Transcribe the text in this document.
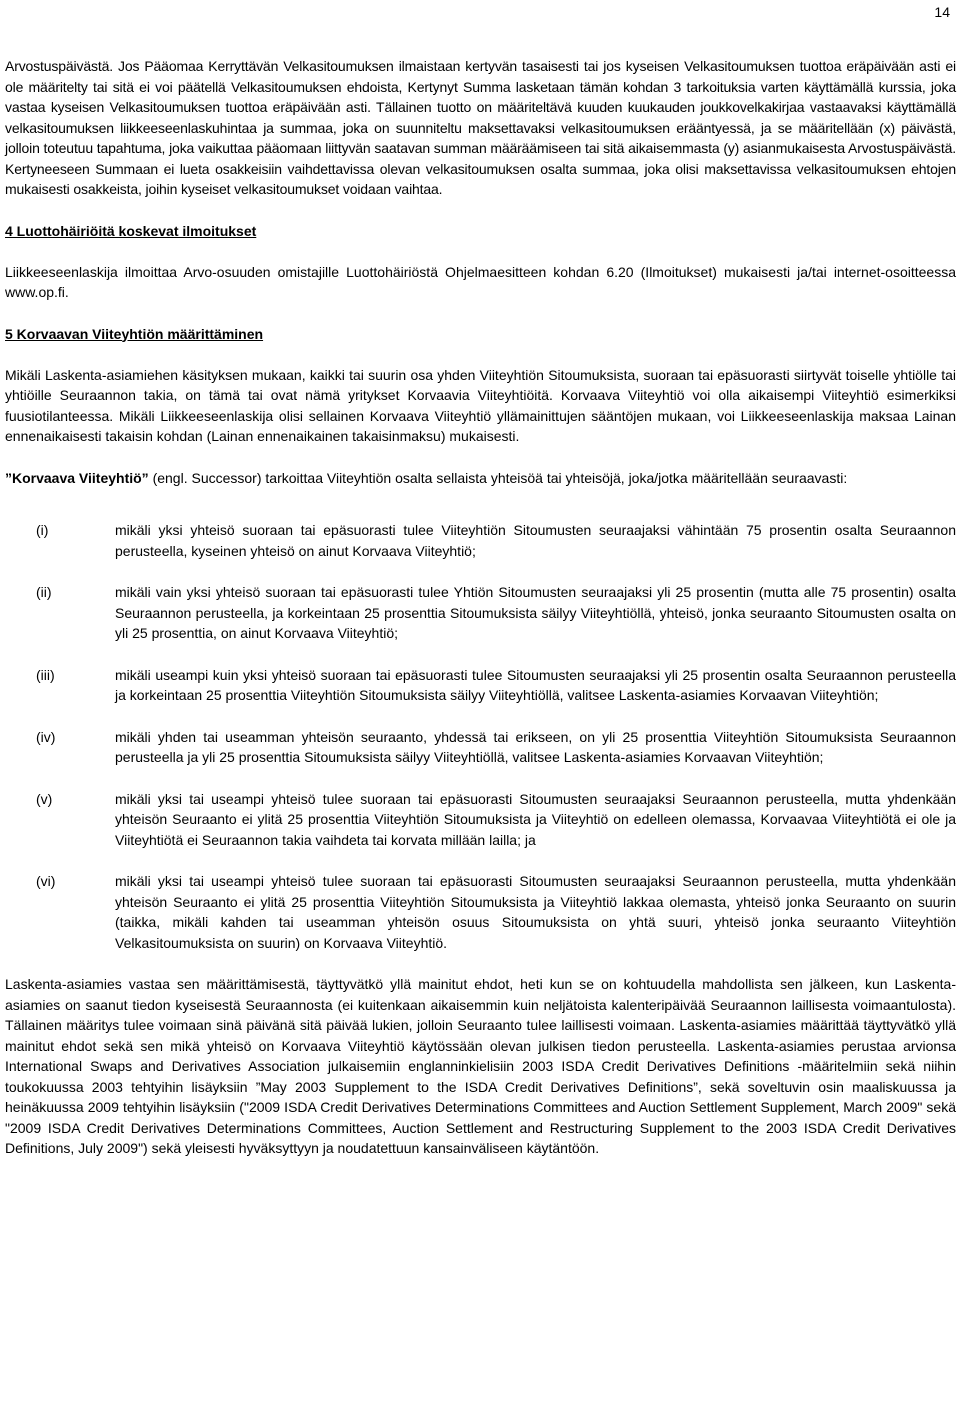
14

Arvostuspäivästä. Jos Pääomaa Kerryttävän Velkasitoumuksen ilmaistaan kertyvän tasaisesti tai jos kyseisen Velkasitoumuksen tuottoa eräpäivään asti ei ole määritelty tai sitä ei voi päätellä Velkasitoumuksen ehdoista, Kertynyt Summa lasketaan tämän kohdan 3 tarkoituksia varten käyttämällä kurssia, joka vastaa kyseisen Velkasitoumuksen tuottoa eräpäivään asti. Tällainen tuotto on määriteltävä kuuden kuukauden joukkovelkakirjaa vastaavaksi käyttämällä velkasitoumuksen liikkeeseenlaskuhintaa ja summaa, joka on suunniteltu maksettavaksi velkasitoumuksen erääntyessä, ja se määritellään (x) päivästä, jolloin toteutuu tapahtuma, joka vaikuttaa pääomaan liittyvän saatavan summan määräämiseen tai sitä aikaisemmasta (y) asianmukaisesta Arvostuspäivästä. Kertyneeseen Summaan ei lueta osakkeisiin vaihdettavissa olevan velkasitoumuksen osalta summaa, joka olisi maksettavissa velkasitoumuksen ehtojen mukaisesti osakkeista, joihin kyseiset velkasitoumukset voidaan vaihtaa.

4 Luottohäiriöitä koskevat ilmoitukset

Liikkeeseenlaskija ilmoittaa Arvo-osuuden omistajille Luottohäiriöstä Ohjelmaesitteen kohdan 6.20 (Ilmoitukset) mukaisesti ja/tai internet-osoitteessa www.op.fi.

5 Korvaavan Viiteyhtiön määrittäminen

Mikäli Laskenta-asiamiehen käsityksen mukaan, kaikki tai suurin osa yhden Viiteyhtiön Sitoumuksista, suoraan tai epäsuorasti siirtyvät toiselle yhtiölle tai yhtiöille Seuraannon takia, on tämä tai ovat nämä yritykset Korvaavia Viiteyhtiöitä. Korvaava Viiteyhtiö voi olla aikaisempi Viiteyhtiö esimerkiksi fuusiotilanteessa. Mikäli Liikkeeseenlaskija olisi sellainen Korvaava Viiteyhtiö yllämainittujen sääntöjen mukaan, voi Liikkeeseenlaskija maksaa Lainan ennenaikaisesti takaisin kohdan (Lainan ennenaikainen takaisinmaksu) mukaisesti.

”Korvaava Viiteyhtiö” (engl. Successor) tarkoittaa Viiteyhtiön osalta sellaista yhteisöä tai yhteisöjä, joka/jotka määritellään seuraavasti:

(i)	mikäli yksi yhteisö suoraan tai epäsuorasti tulee Viiteyhtiön Sitoumusten seuraajaksi vähintään 75 prosentin osalta Seuraannon perusteella, kyseinen yhteisö on ainut Korvaava Viiteyhtiö;
(ii)	mikäli vain yksi yhteisö suoraan tai epäsuorasti tulee Yhtiön Sitoumusten seuraajaksi yli 25 prosentin (mutta alle 75 prosentin) osalta Seuraannon perusteella, ja korkeintaan 25 prosenttia Sitoumuksista säilyy Viiteyhtiöllä, yhteisö, jonka seuraanto Sitoumusten osalta on yli 25 prosenttia, on ainut Korvaava Viiteyhtiö;
(iii)	mikäli useampi kuin yksi yhteisö suoraan tai epäsuorasti tulee Sitoumusten seuraajaksi yli 25 prosentin osalta Seuraannon perusteella ja korkeintaan 25 prosenttia Viiteyhtiön Sitoumuksista säilyy Viiteyhtiöllä, valitsee Laskenta-asiamies Korvaavan Viiteyhtiön;
(iv)	mikäli yhden tai useamman yhteisön seuraanto, yhdessä tai erikseen, on yli 25 prosenttia Viiteyhtiön Sitoumuksista Seuraannon perusteella ja yli 25 prosenttia Sitoumuksista säilyy Viiteyhtiöllä, valitsee Laskenta-asiamies Korvaavan Viiteyhtiön;
(v)	mikäli yksi tai useampi yhteisö tulee suoraan tai epäsuorasti Sitoumusten seuraajaksi Seuraannon perusteella, mutta yhdenkään yhteisön Seuraanto ei ylitä 25 prosenttia Viiteyhtiön Sitoumuksista ja Viiteyhtiö on edelleen olemassa, Korvaavaa Viiteyhtiötä ei ole ja Viiteyhtiötä ei Seuraannon takia vaihdeta tai korvata millään lailla; ja
(vi)	mikäli yksi tai useampi yhteisö tulee suoraan tai epäsuorasti Sitoumusten seuraajaksi Seuraannon perusteella, mutta yhdenkään yhteisön Seuraanto ei ylitä 25 prosenttia Viiteyhtiön Sitoumuksista ja Viiteyhtiö lakkaa olemasta, yhteisö jonka Seuraanto on suurin (taikka, mikäli kahden tai useamman yhteisön osuus Sitoumuksista on yhtä suuri, yhteisö jonka seuraanto Viiteyhtiön Velkasitoumuksista on suurin) on Korvaava Viiteyhtiö.

Laskenta-asiamies vastaa sen määrittämisestä, täyttyvätkö yllä mainitut ehdot, heti kun se on kohtuudella mahdollista sen jälkeen, kun Laskenta-asiamies on saanut tiedon kyseisestä Seuraannosta (ei kuitenkaan aikaisemmin kuin neljätoista kalenteripäivää Seuraannon laillisesta voimaantulosta). Tällainen määritys tulee voimaan sinä päivänä sitä päivää lukien, jolloin Seuraanto tulee laillisesti voimaan. Laskenta-asiamies määrittää täyttyvätkö yllä mainitut ehdot sekä sen mikä yhteisö on Korvaava Viiteyhtiö käytössään olevan julkisen tiedon perusteella. Laskenta-asiamies perustaa arvionsa International Swaps and Derivatives Association julkaisemiin englanninkielisiin 2003 ISDA Credit Derivatives Definitions -määritelmiin sekä niihin toukokuussa 2003 tehtyihin lisäyksiin ”May 2003 Supplement to the ISDA Credit Derivatives Definitions”, sekä soveltuvin osin maaliskuussa ja heinäkuussa 2009 tehtyihin lisäyksiin ("2009 ISDA Credit Derivatives Determinations Committees and Auction Settlement Supplement, March 2009" sekä "2009 ISDA Credit Derivatives Determinations Committees, Auction Settlement and Restructuring Supplement to the 2003 ISDA Credit Derivatives Definitions, July 2009") sekä yleisesti hyväksyttyyn ja noudatettuun kansainväliseen käytäntöön.
